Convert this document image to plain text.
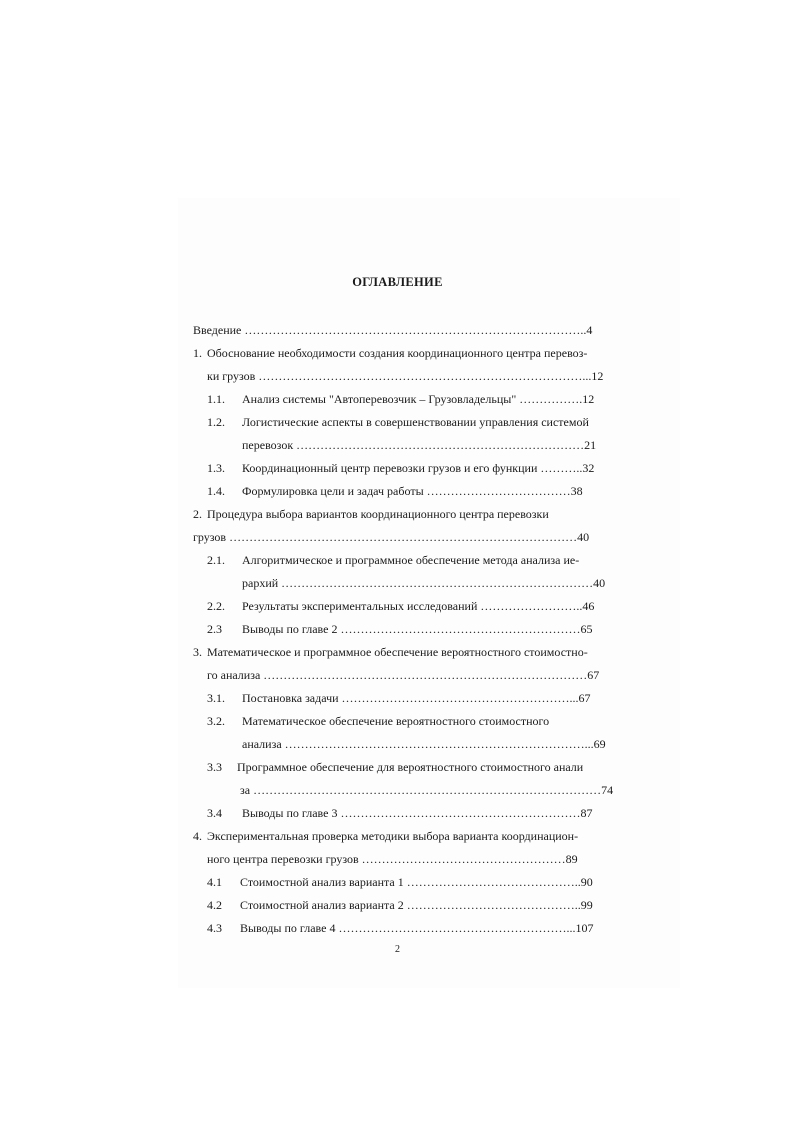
ОГЛАВЛЕНИЕ
Введение …………………………………………………………………………..4
1. Обоснование необходимости создания координационного центра перевоз-
ки грузов ………………………………………………………………………...12
1.1. Анализ системы "Автоперевозчик – Грузовладельцы" …………….12
1.2. Логистические аспекты в совершенствовании управления системой
перевозок ………………………………………………………………21
1.3. Координационный центр перевозки грузов и его функции ………..32
1.4. Формулировка цели и задач работы ………………………………38
2. Процедура выбора вариантов координационного центра перевозки
грузов ……………………………………………………………………………40
2.1. Алгоритмическое и программное обеспечение метода анализа ие-
рархий ……………………………………………………………………40
2.2. Результаты экспериментальных исследований ……………………..46
2.3 Выводы по главе 2 ……………………………………………………65
3. Математическое и программное обеспечение вероятностного стоимостно-
го анализа ………………………………………………………………………67
3.1. Постановка задачи …………………………………………………...67
3.2. Математическое обеспечение вероятностного стоимостного
анализа …………………………………………………………………...69
3.3 Программное обеспечение для вероятностного стоимостного анали
за ……………………………………………………………………………74
3.4 Выводы по главе 3 ……………………………………………………87
4. Экспериментальная проверка методики выбора варианта координацион-
ного центра перевозки грузов ……………………………………………89
4.1 Стоимостной анализ варианта 1 ……………………………………..90
4.2 Стоимостной анализ варианта 2 ……………………………………..99
4.3 Выводы по главе 4 …………………………………………………...107
2
